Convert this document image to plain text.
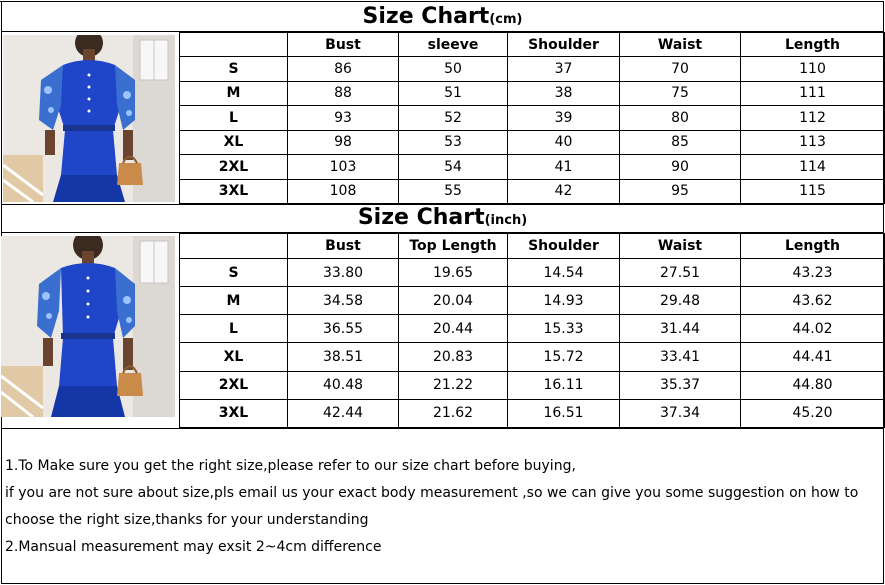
Size Chart(cm)
	Bust	sleeve	Shoulder	Waist	Length
S	86	50	37	70	110
M	88	51	38	75	111
L	93	52	39	80	112
XL	98	53	40	85	113
2XL	103	54	41	90	114
3XL	108	55	42	95	115
Size Chart(inch)
	Bust	Top Length	Shoulder	Waist	Length
S	33.80	19.65	14.54	27.51	43.23
M	34.58	20.04	14.93	29.48	43.62
L	36.55	20.44	15.33	31.44	44.02
XL	38.51	20.83	15.72	33.41	44.41
2XL	40.48	21.22	16.11	35.37	44.80
3XL	42.44	21.62	16.51	37.34	45.20
1.To Make sure you get the right size,please refer to our size chart before buying,
if you are not sure about size,pls email us your exact body measurement ,so we can give you some suggestion on how to
choose the right size,thanks for your understanding
2.Mansual measurement may exsit 2~4cm difference
